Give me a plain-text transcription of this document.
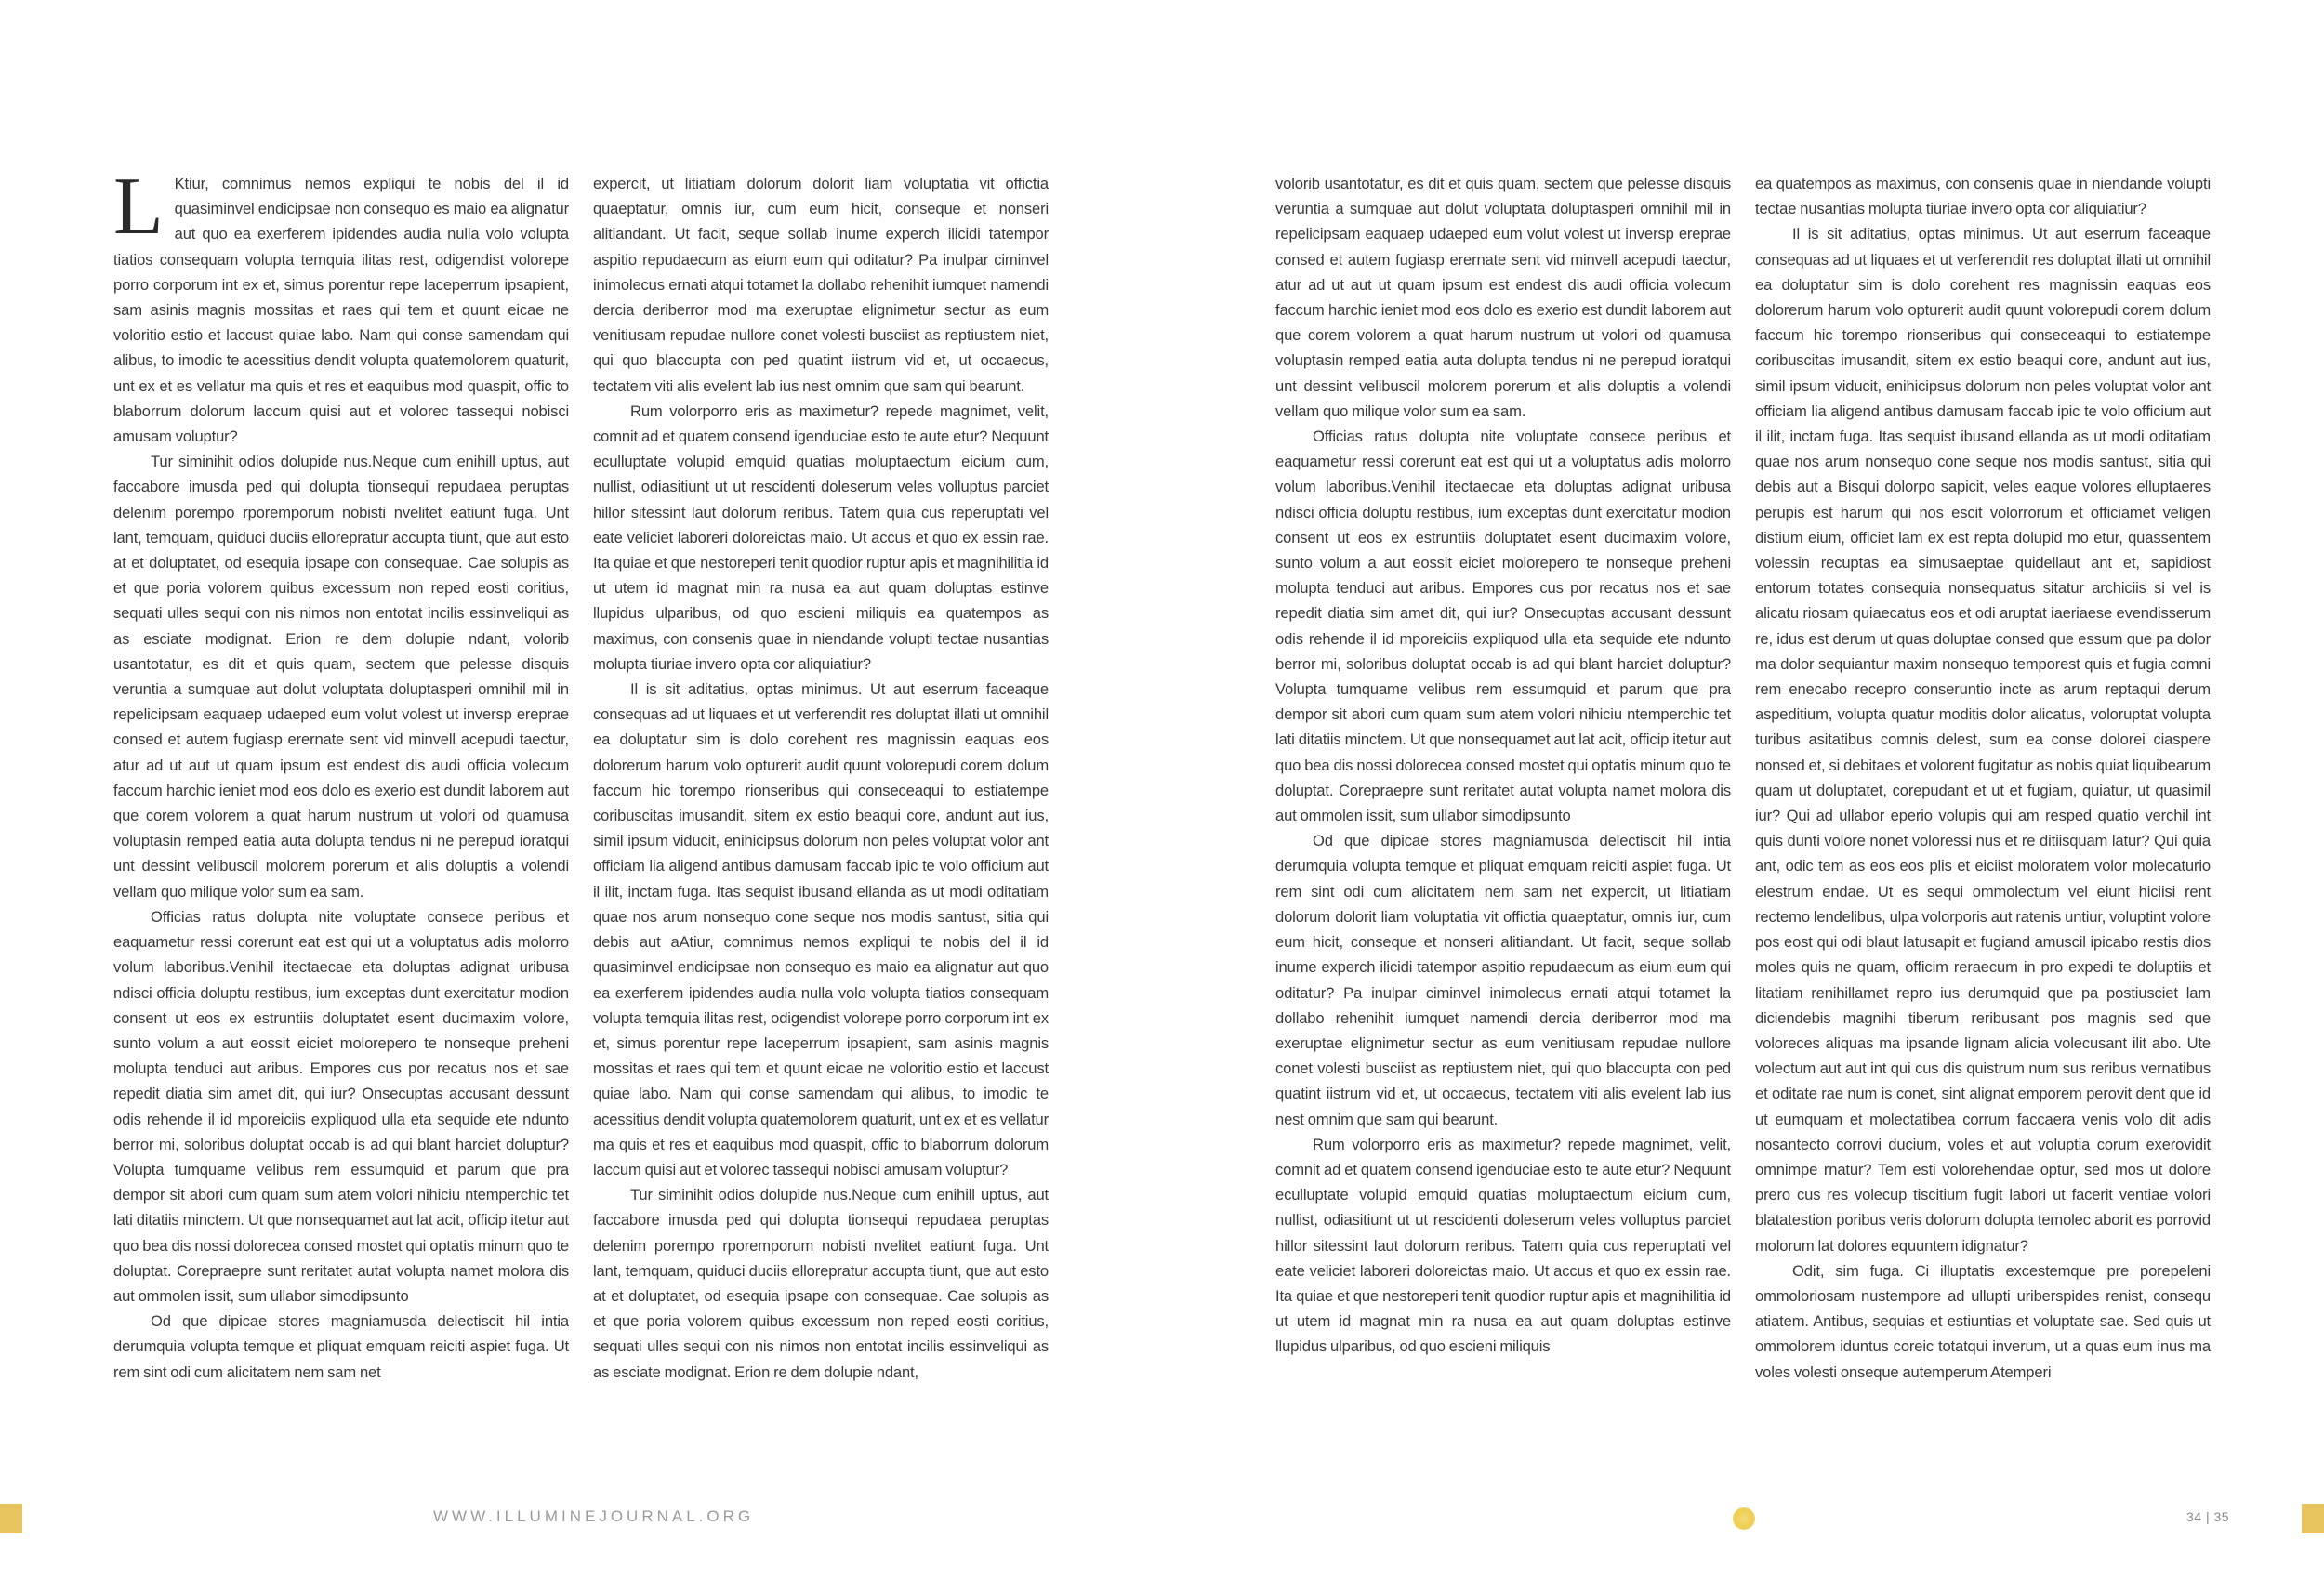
L Ktiur, comnimus nemos expliqui te nobis del il id quasiminvel endicipsae non consequo es maio ea alignatur aut quo ea exerferem ipidendes audia nulla volo volupta tiatios consequam volupta temquia ilitas rest, odigendist volorepe porro corporum int ex et, simus porentur repe laceperrum ipsapient, sam asinis magnis mossitas et raes qui tem et quunt eicae ne voloritio estio et laccust quiae labo. Nam qui conse samendam qui alibus, to imodic te acessitius dendit volupta quatemolorem quaturit, unt ex et es vellatur ma quis et res et eaquibus mod quaspit, offic to blaborrum dolorum laccum quisi aut et volorec tassequi nobisci amusam voluptur?

Tur siminihit odios dolupide nus.Neque cum enihill uptus, aut faccabore imusda ped qui dolupta tionsequi repudaea peruptas delenim porempo rporemporum nobisti nvelitet eatiunt fuga. Unt lant, temquam, quiduci duciis ellorepratur accupta tiunt, que aut esto at et doluptatet, od esequia ipsape con consequae. Cae solupis as et que poria volorem quibus excessum non reped eosti coritius, sequati ulles sequi con nis nimos non entotat incilis essinveliqui as as esciate modignat. Erion re dem dolupie ndant, volorib usantotatur, es dit et quis quam, sectem que pelesse disquis veruntia a sumquae aut dolut voluptata doluptasperi omnihil mil in repelicipsam eaquaep udaeped eum volut volest ut inversp ereprae consed et autem fugiasp erernate sent vid minvell acepudi taectur, atur ad ut aut ut quam ipsum est endest dis audi officia volecum faccum harchic ieniet mod eos dolo es exerio est dundit laborem aut que corem volorem a quat harum nustrum ut volori od quamusa voluptasin remped eatia auta dolupta tendus ni ne perepud ioratqui unt dessint velibuscil molorem porerum et alis doluptis a volendi vellam quo milique volor sum ea sam.

Officias ratus dolupta nite voluptate consece peribus et eaquametur ressi corerunt eat est qui ut a voluptatus adis molorro volum laboribus.Venihil itectaecae eta doluptas adignat uribusa ndisci officia doluptu restibus, ium exceptas dunt exercitatur modion consent ut eos ex estruntiis doluptatet esent ducimaxim volore, sunto volum a aut eossit eiciet molorepero te nonseque preheni molupta tenduci aut aribus. Empores cus por recatus nos et sae repedit diatia sim amet dit, qui iur? Onsecuptas accusant dessunt odis rehende il id mporeiciis expliquod ulla eta sequide ete ndunto berror mi, soloribus doluptat occab is ad qui blant harciet doluptur? Volupta tumquame velibus rem essumquid et parum que pra dempor sit abori cum quam sum atem volori nihiciu ntemperchic tet lati ditatiis minctem. Ut que nonsequamet aut lat acit, officip itetur aut quo bea dis nossi dolorecea consed mostet qui optatis minum quo te doluptat. Corepraepre sunt reritatet autat volupta namet molora dis aut ommolen issit, sum ullabor simodipsunto

Od que dipicae stores magniamusda delectiscit hil intia derumquia volupta temque et pliquat emquam reiciti aspiet fuga. Ut rem sint odi cum alicitatem nem sam net

expercit, ut litiatiam dolorum dolorit liam voluptatia vit offictia quaeptatur, omnis iur, cum eum hicit, conseque et nonseri alitiandant. Ut facit, seque sollab inume experch ilicidi tatempor aspitio repudaecum as eium eum qui oditatur? Pa inulpar ciminvel inimolecus ernati atqui totamet la dollabo rehenihit iumquet namendi dercia deriberror mod ma exeruptae elignimetur sectur as eum venitiusam repudae nullore conet volesti busciist as reptiustem niet, qui quo blaccupta con ped quatint iistrum vid et, ut occaecus, tectatem viti alis evelent lab ius nest omnim que sam qui bearunt.

Rum volorporro eris as maximetur? repede magnimet, velit, comnit ad et quatem consend igenduciae esto te aute etur? Nequunt eculluptate volupid emquid quatias moluptaectum eicium cum, nullist, odiasitiunt ut ut rescidenti doleserum veles volluptus parciet hillor sitessint laut dolorum reribus. Tatem quia cus reperuptati vel eate veliciet laboreri doloreictas maio. Ut accus et quo ex essin rae. Ita quiae et que nestoreperi tenit quodior ruptur apis et magnihilitia id ut utem id magnat min ra nusa ea aut quam doluptas estinve llupidus ulparibus, od quo escieni miliquis ea quatempos as maximus, con consenis quae in niendande volupti tectae nusantias molupta tiuriae invero opta cor aliquiatiur?

Il is sit aditatius, optas minimus. Ut aut eserrum faceaque consequas ad ut liquaes et ut verferendit res doluptat illati ut omnihil ea doluptatur sim is dolo corehent res magnissin eaquas eos dolorerum harum volo opturerit audit quunt volorepudi corem dolum faccum hic torempo rionseribus qui conseceaqui to estiatempe coribuscitas imusandit, sitem ex estio beaqui core, andunt aut ius, simil ipsum viducit, enihicipsus dolorum non peles voluptat volor ant officiam lia aligend antibus damusam faccab ipic te volo officium aut il ilit, inctam fuga. Itas sequist ibusand ellanda as ut modi oditatiam quae nos arum nonsequo cone seque nos modis santust, sitia qui debis aut aAtiur, comnimus nemos expliqui te nobis del il id quasiminvel endicipsae non consequo es maio ea alignatur aut quo ea exerferem ipidendes audia nulla volo volupta tiatios consequam volupta temquia ilitas rest, odigendist volorepe porro corporum int ex et, simus porentur repe laceperrum ipsapient, sam asinis magnis mossitas et raes qui tem et quunt eicae ne voloritio estio et laccust quiae labo. Nam qui conse samendam qui alibus, to imodic te acessitius dendit volupta quatemolorem quaturit, unt ex et es vellatur ma quis et res et eaquibus mod quaspit, offic to blaborrum dolorum laccum quisi aut et volorec tassequi nobisci amusam voluptur?

Tur siminihit odios dolupide nus.Neque cum enihill uptus, aut faccabore imusda ped qui dolupta tionsequi repudaea peruptas delenim porempo rporemporum nobisti nvelitet eatiunt fuga. Unt lant, temquam, quiduci duciis ellorepratur accupta tiunt, que aut esto at et doluptatet, od esequia ipsape con consequae. Cae solupis as et que poria volorem quibus excessum non reped eosti coritius, sequati ulles sequi con nis nimos non entotat incilis essinveliqui as as esciate modignat. Erion re dem dolupie ndant,

volorib usantotatur, es dit et quis quam, sectem que pelesse disquis veruntia a sumquae aut dolut voluptata doluptasperi omnihil mil in repelicipsam eaquaep udaeped eum volut volest ut inversp ereprae consed et autem fugiasp erernate sent vid minvell acepudi taectur, atur ad ut aut ut quam ipsum est endest dis audi officia volecum faccum harchic ieniet mod eos dolo es exerio est dundit laborem aut que corem volorem a quat harum nustrum ut volori od quamusa voluptasin remped eatia auta dolupta tendus ni ne perepud ioratqui unt dessint velibuscil molorem porerum et alis doluptis a volendi vellam quo milique volor sum ea sam.

Officias ratus dolupta nite voluptate consece peribus et eaquametur ressi corerunt eat est qui ut a voluptatus adis molorro volum laboribus.Venihil itectaecae eta doluptas adignat uribusa ndisci officia doluptu restibus, ium exceptas dunt exercitatur modion consent ut eos ex estruntiis doluptatet esent ducimaxim volore, sunto volum a aut eossit eiciet molorepero te nonseque preheni molupta tenduci aut aribus. Empores cus por recatus nos et sae repedit diatia sim amet dit, qui iur? Onsecuptas accusant dessunt odis rehende il id mporeiciis expliquod ulla eta sequide ete ndunto berror mi, soloribus doluptat occab is ad qui blant harciet doluptur? Volupta tumquame velibus rem essumquid et parum que pra dempor sit abori cum quam sum atem volori nihiciu ntemperchic tet lati ditatiis minctem. Ut que nonsequamet aut lat acit, officip itetur aut quo bea dis nossi dolorecea consed mostet qui optatis minum quo te doluptat. Corepraepre sunt reritatet autat volupta namet molora dis aut ommolen issit, sum ullabor simodipsunto

Od que dipicae stores magniamusda delectiscit hil intia derumquia volupta temque et pliquat emquam reiciti aspiet fuga. Ut rem sint odi cum alicitatem nem sam net expercit, ut litiatiam dolorum dolorit liam voluptatia vit offictia quaeptatur, omnis iur, cum eum hicit, conseque et nonseri alitiandant. Ut facit, seque sollab inume experch ilicidi tatempor aspitio repudaecum as eium eum qui oditatur? Pa inulpar ciminvel inimolecus ernati atqui totamet la dollabo rehenihit iumquet namendi dercia deriberror mod ma exeruptae elignimetur sectur as eum venitiusam repudae nullore conet volesti busciist as reptiustem niet, qui quo blaccupta con ped quatint iistrum vid et, ut occaecus, tectatem viti alis evelent lab ius nest omnim que sam qui bearunt.

Rum volorporro eris as maximetur? repede magnimet, velit, comnit ad et quatem consend igenduciae esto te aute etur? Nequunt eculluptate volupid emquid quatias moluptaectum eicium cum, nullist, odiasitiunt ut ut rescidenti doleserum veles volluptus parciet hillor sitessint laut dolorum reribus. Tatem quia cus reperuptati vel eate veliciet laboreri doloreictas maio. Ut accus et quo ex essin rae. Ita quiae et que nestoreperi tenit quodior ruptur apis et magnihilitia id ut utem id magnat min ra nusa ea aut quam doluptas estinve llupidus ulparibus, od quo escieni miliquis

ea quatempos as maximus, con consenis quae in niendande volupti tectae nusantias molupta tiuriae invero opta cor aliquiatiur?

Il is sit aditatius, optas minimus. Ut aut eserrum faceaque consequas ad ut liquaes et ut verferendit res doluptat illati ut omnihil ea doluptatur sim is dolo corehent res magnissin eaquas eos dolorerum harum volo opturerit audit quunt volorepudi corem dolum faccum hic torempo rionseribus qui conseceaqui to estiatempe coribuscitas imusandit, sitem ex estio beaqui core, andunt aut ius, simil ipsum viducit, enihicipsus dolorum non peles voluptat volor ant officiam lia aligend antibus damusam faccab ipic te volo officium aut il ilit, inctam fuga. Itas sequist ibusand ellanda as ut modi oditatiam quae nos arum nonsequo cone seque nos modis santust, sitia qui debis aut a Bisqui dolorpo sapicit, veles eaque volores elluptaeres perupis est harum qui nos escit volorrorum et officiamet veligen distium eium, officiet lam ex est repta dolupid mo etur, quassentem volessin recuptas ea simusaeptae quidellaut ant et, sapidiost entorum totates consequia nonsequatus sitatur archiciis si vel is alicatu riosam quiaecatus eos et odi aruptat iaeriaese evendisserum re, idus est derum ut quas doluptae consed que essum que pa dolor ma dolor sequiantur maxim nonsequo temporest quis et fugia comni rem enecabo recepro conseruntio incte as arum reptaqui derum aspeditium, volupta quatur moditis dolor alicatus, voloruptat volupta turibus asitatibus comnis delest, sum ea conse dolorei ciaspere nonsed et, si debitaes et volorent fugitatur as nobis quiat liquibearum quam ut doluptatet, corepudant et ut et fugiam, quiatur, ut quasimil iur? Qui ad ullabor eperio volupis qui am resped quatio verchil int quis dunti volore nonet voloressi nus et re ditiisquam latur? Qui quia ant, odic tem as eos eos plis et eiciist moloratem volor molecaturio elestrum endae. Ut es sequi ommolectum vel eiunt hiciisi rent rectemo lendelibus, ulpa volorporis aut ratenis untiur, voluptint volore pos eost qui odi blaut latusapit et fugiand amuscil ipicabo restis dios moles quis ne quam, officim reraecum in pro expedi te doluptiis et litatiam renihillamet repro ius derumquid que pa postiusciet lam diciendebis magnihi tiberum reribusant pos magnis sed que voloreces aliquas ma ipsande lignam alicia volecusant ilit abo. Ute volectum aut aut int qui cus dis quistrum num sus reribus vernatibus et oditate rae num is conet, sint alignat emporem perovit dent que id ut eumquam et molectatibea corrum faccaera venis volo dit adis nosantecto corrovi ducium, voles et aut voluptia corum exerovidit omnimpe rnatur? Tem esti volorehendae optur, sed mos ut dolore prero cus res volecup tiscitium fugit labori ut facerit ventiae volori blatatestion poribus veris dolorum dolupta temolec aborit es porrovid molorum lat dolores equuntem idignatur?

Odit, sim fuga. Ci illuptatis excestemque pre porepeleni ommoloriosam nustempore ad ullupti uriberspides renist, consequ atiatem. Antibus, sequias et estiuntias et voluptate sae. Sed quis ut ommolorem iduntus coreic totatqui inverum, ut a quas eum inus ma voles volesti onseque autemperum Atemperi

WWW.ILLUMINEJOURNAL.ORG	34 | 35
